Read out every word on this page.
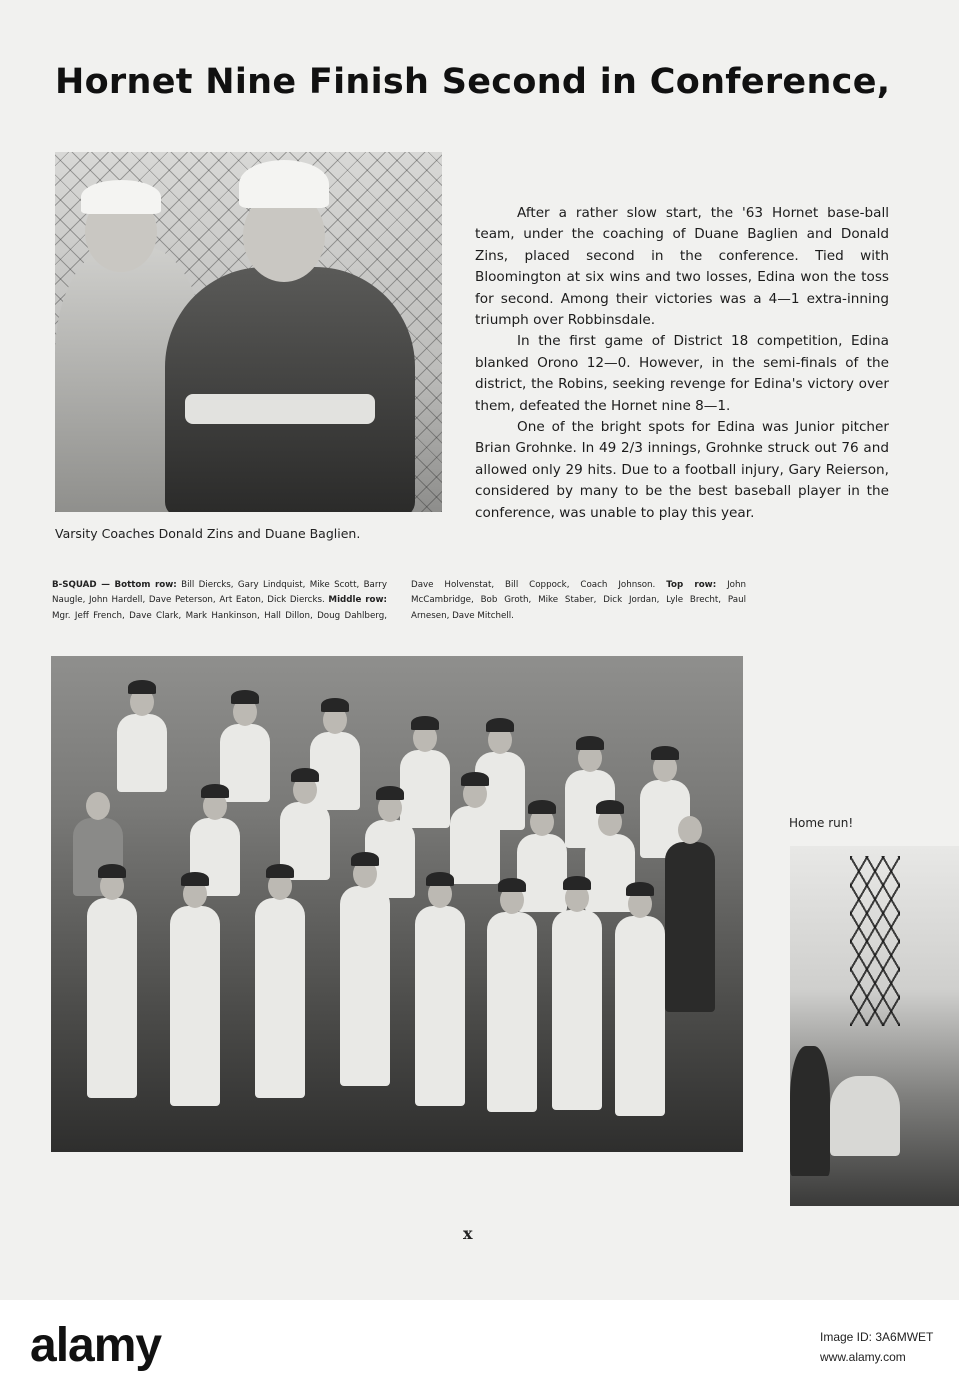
Hornet Nine Finish Second in Conference,
Varsity Coaches Donald Zins and Duane Baglien.

After a rather slow start, the '63 Hornet base-ball team, under the coaching of Duane Baglien and Donald Zins, placed second in the conference. Tied with Bloomington at six wins and two losses, Edina won the toss for second. Among their victories was a 4—1 extra-inning triumph over Robbinsdale.

In the first game of District 18 competition, Edina blanked Orono 12—0. However, in the semi-finals of the district, the Robins, seeking revenge for Edina's victory over them, defeated the Hornet nine 8—1.

One of the bright spots for Edina was Junior pitcher Brian Grohnke. In 49 2/3 innings, Grohnke struck out 76 and allowed only 29 hits. Due to a football injury, Gary Reierson, considered by many to be the best baseball player in the conference, was unable to play this year.

B-SQUAD — Bottom row: Bill Diercks, Gary Lindquist, Mike Scott, Barry Naugle, John Hardell, Dave Peterson, Art Eaton, Dick Diercks. Middle row: Mgr. Jeff French, Dave Clark, Mark Hankinson, Hall Dillon, Doug Dahlberg, Dave Holvenstat, Bill Coppock, Coach Johnson. Top row: John McCambridge, Bob Groth, Mike Staber, Dick Jordan, Lyle Brecht, Paul Arnesen, Dave Mitchell.
Home run!
x
alamy	Image ID: 3A6MWET
www.alamy.com
